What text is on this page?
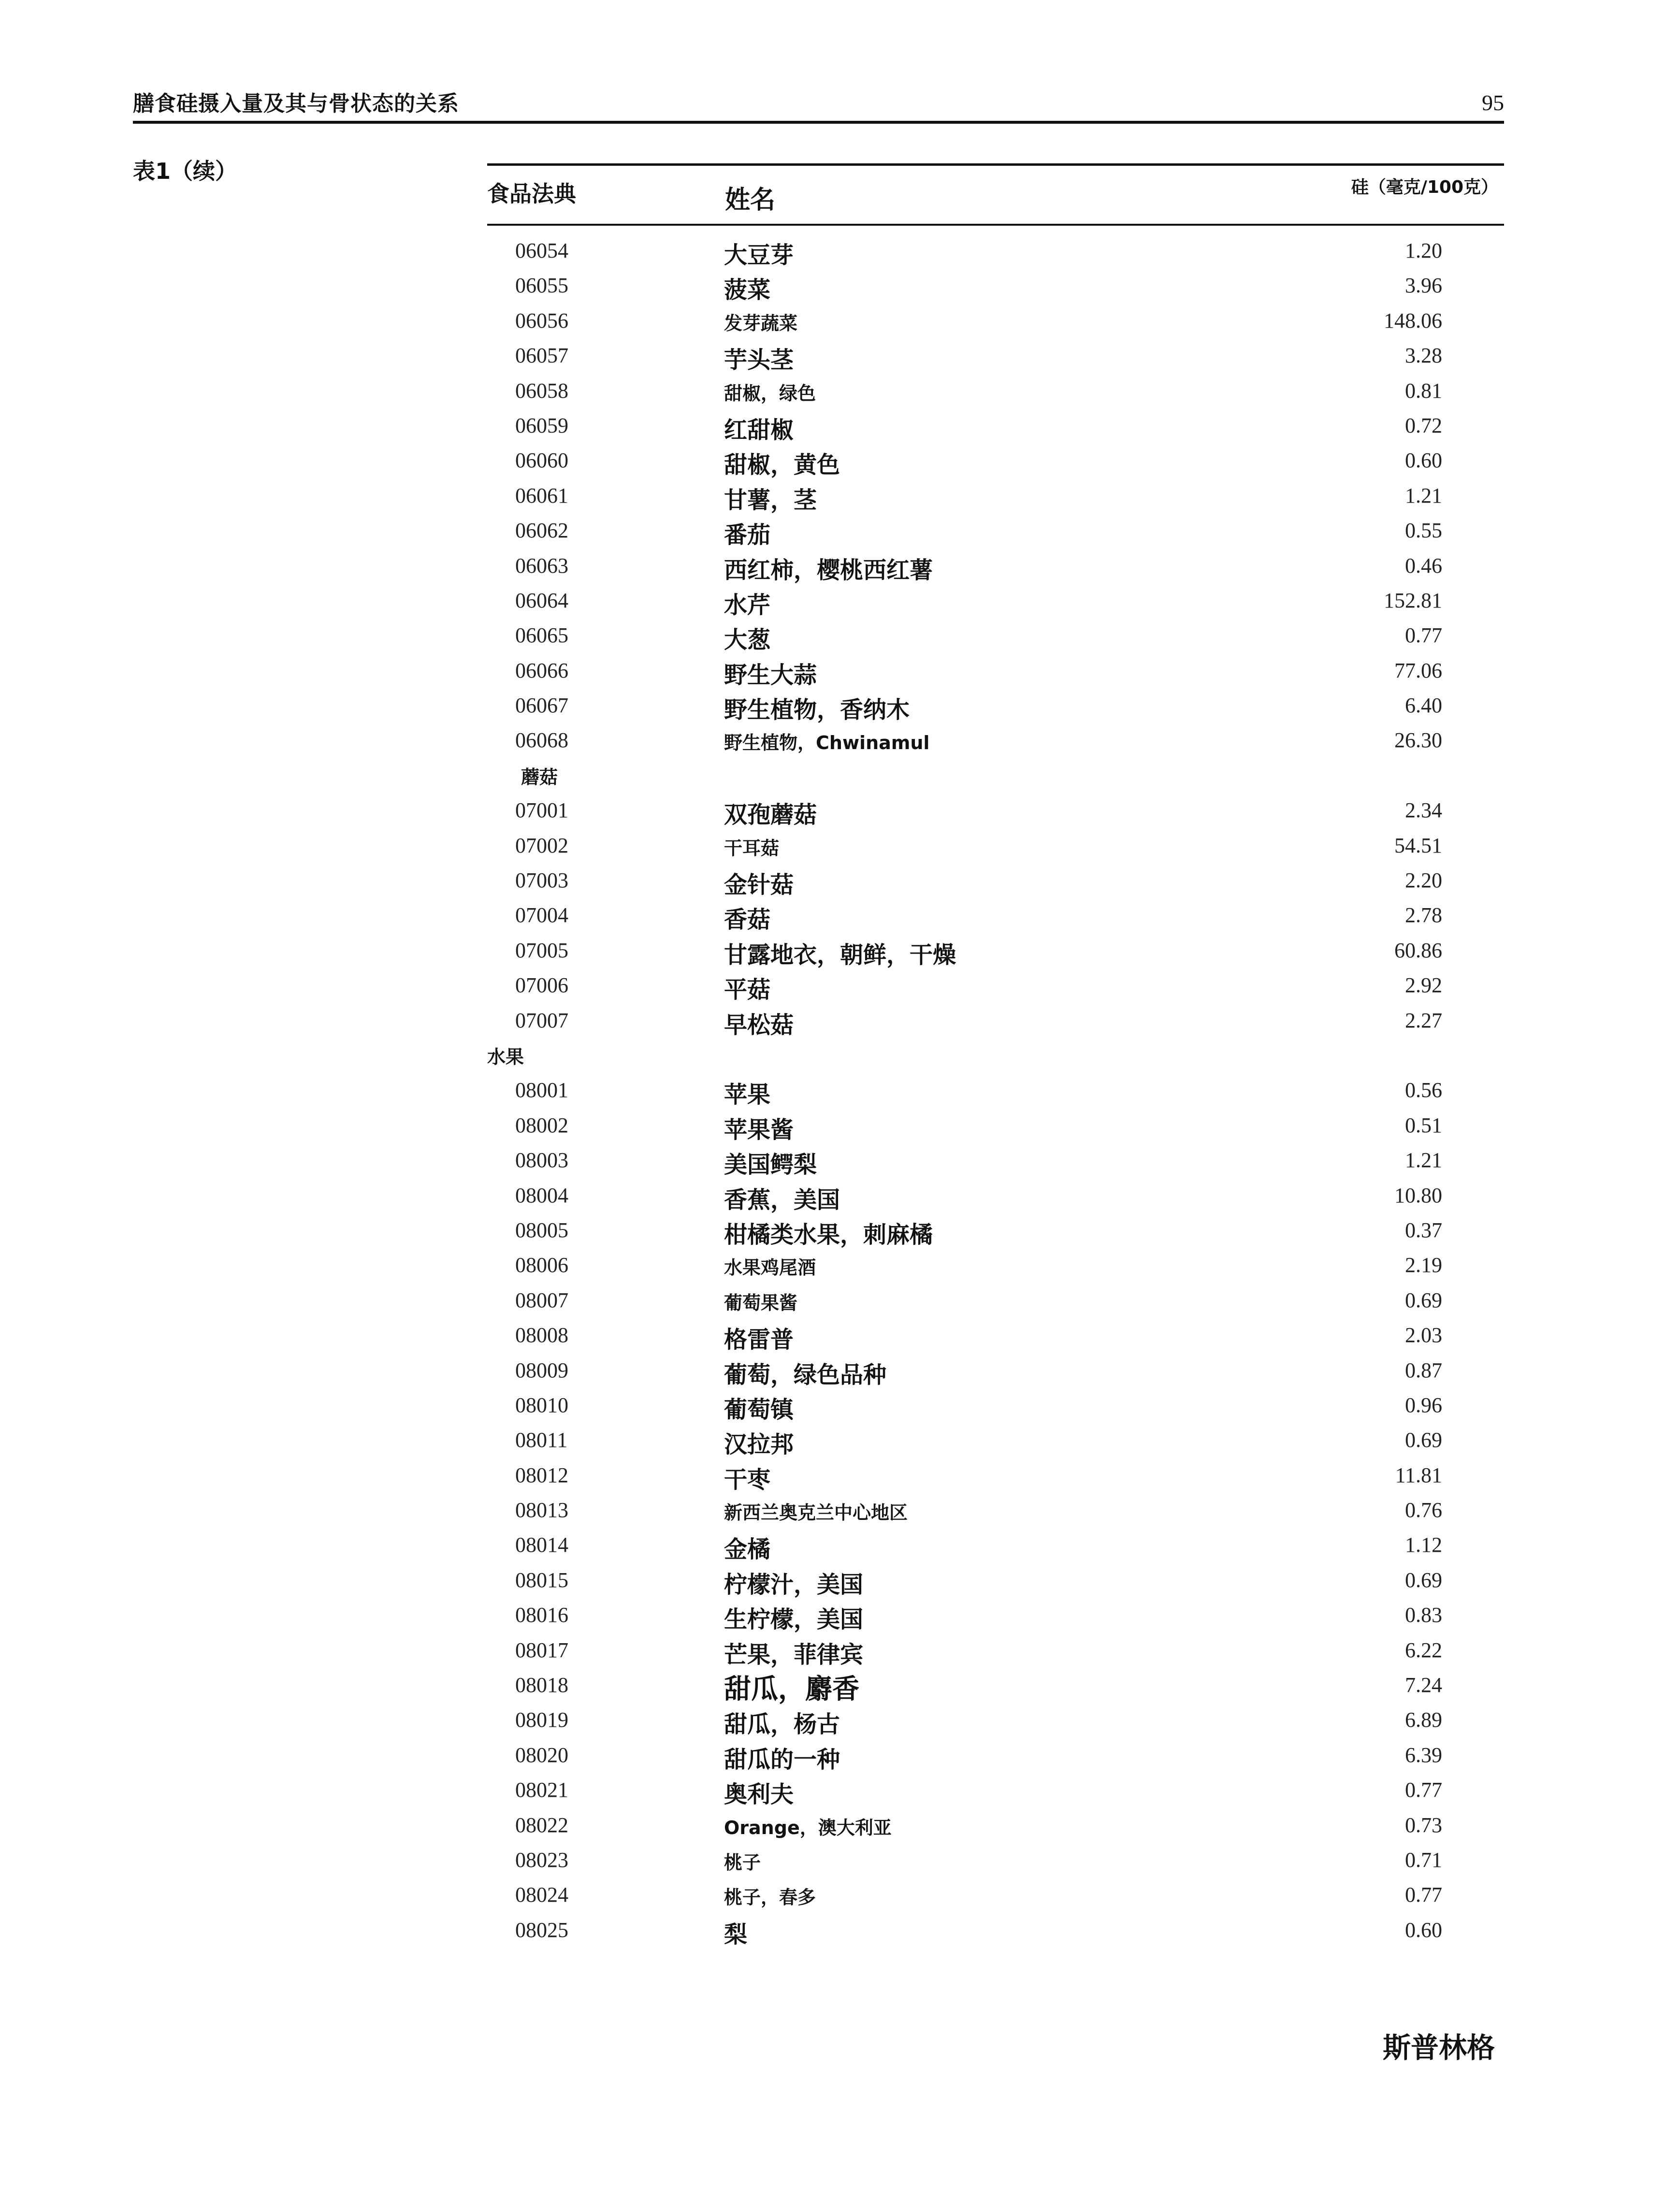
膳食硅摄入量及其与骨状态的关系	95
表1（续）
食品法典	姓名	硅（毫克/100克）
06054	大豆芽	1.20
06055	菠菜	3.96
06056	发芽蔬菜	148.06
06057	芋头茎	3.28
06058	甜椒，绿色	0.81
06059	红甜椒	0.72
06060	甜椒，黄色	0.60
06061	甘薯，茎	1.21
06062	番茄	0.55
06063	西红柿，樱桃西红薯	0.46
06064	水芹	152.81
06065	大葱	0.77
06066	野生大蒜	77.06
06067	野生植物，香纳木	6.40
06068	野生植物，Chwinamul	26.30
蘑菇
07001	双孢蘑菇	2.34
07002	干耳菇	54.51
07003	金针菇	2.20
07004	香菇	2.78
07005	甘露地衣，朝鲜，干燥	60.86
07006	平菇	2.92
07007	早松菇	2.27
水果
08001	苹果	0.56
08002	苹果酱	0.51
08003	美国鳄梨	1.21
08004	香蕉，美国	10.80
08005	柑橘类水果，刺麻橘	0.37
08006	水果鸡尾酒	2.19
08007	葡萄果酱	0.69
08008	格雷普	2.03
08009	葡萄，绿色品种	0.87
08010	葡萄镇	0.96
08011	汉拉邦	0.69
08012	干枣	11.81
08013	新西兰奥克兰中心地区	0.76
08014	金橘	1.12
08015	柠檬汁，美国	0.69
08016	生柠檬，美国	0.83
08017	芒果，菲律宾	6.22
08018	甜瓜，麝香	7.24
08019	甜瓜，杨古	6.89
08020	甜瓜的一种	6.39
08021	奥利夫	0.77
08022	Orange，澳大利亚	0.73
08023	桃子	0.71
08024	桃子，春多	0.77
08025	梨	0.60
斯普林格
